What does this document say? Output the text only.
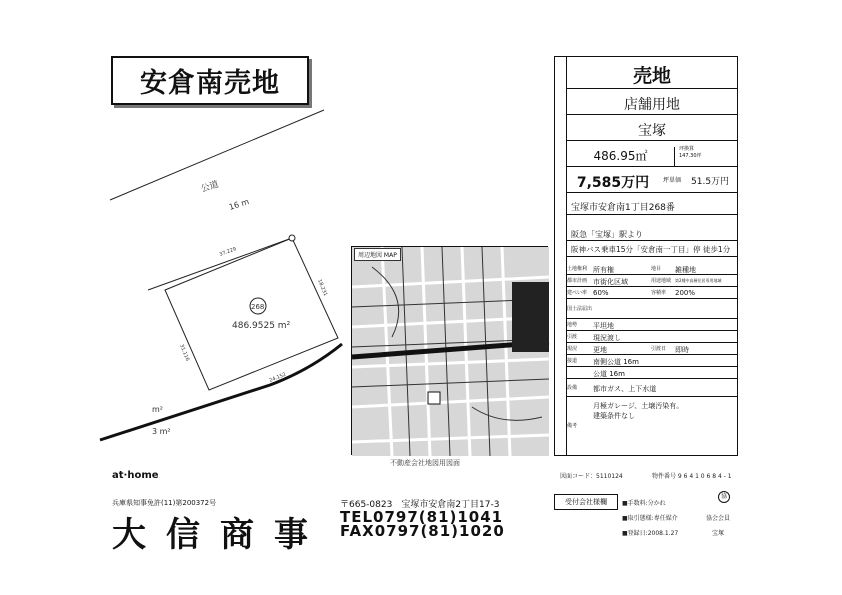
安倉南売地
公道
16 m
37.229
31.116
18.231
24.152
268
486.9525 m²
m²
3 m²
周辺地図 MAP
不動産会社地図用図面
売地
店舗用地
宝塚
486.95㎡	坪換算
147.30坪
7,585万円	坪単価 51.5万円
宝塚市安倉南1丁目268番
阪急「宝塚」駅より
阪神バス乗車15分「安倉南一丁目」停 徒歩1分
土地権利 所有権	地目 雑種地
都市計画 市街化区域	用途地域 第2種中高層住居専用地域
建ぺい率 60%	容積率 200%
国土法届出
地勢	平坦地
引渡	現況渡し
現況	更地	引渡日 即時
接道	南側公道 16m
公道 16m
設備	都市ガス、上下水道
備考
月極ガレージ、土壌汚染有。
建築条件なし
at·home	図面コード：5110124	物件番号 9 6 4 1 0 6 8 4 - 1
兵庫県知事免許(11)第200372号
大信商事
〒665-0823　宝塚市安倉南2丁目17-3
TEL0797(81)1041
FAX0797(81)1020
受付会社様欄	■手数料:分かれ
■取引態様:専任媒介
■登録日:2008.1.27
協
協会会員
宝塚
